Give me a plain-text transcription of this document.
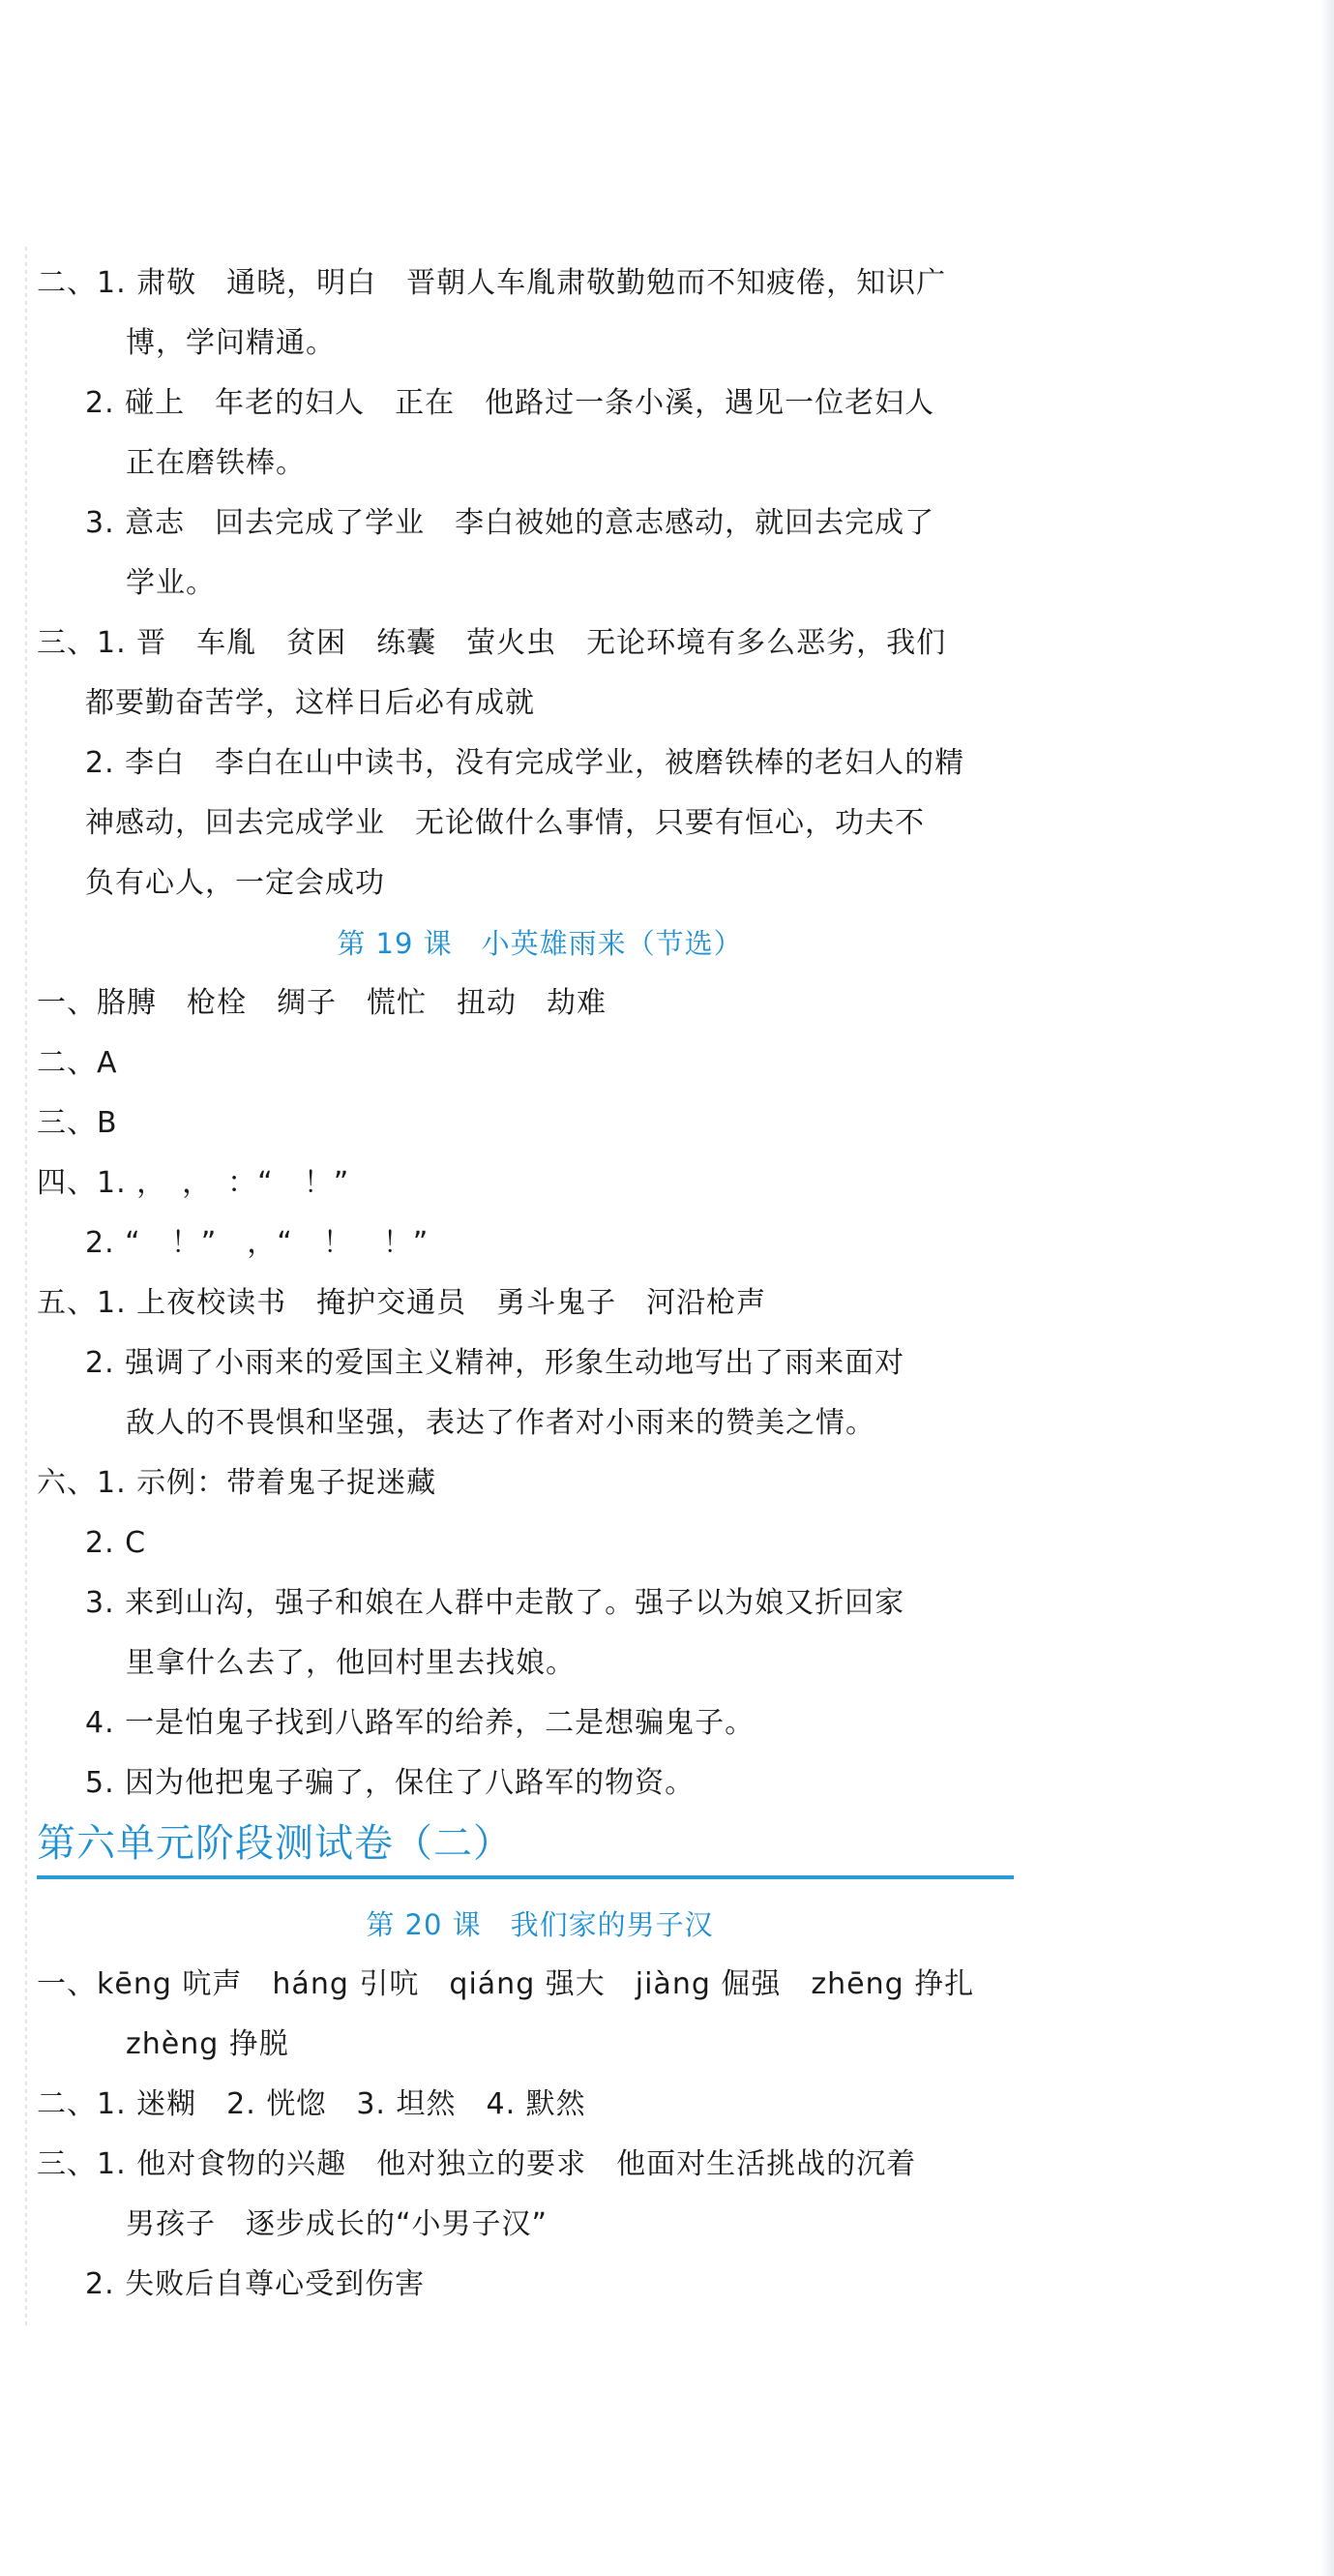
二、1. 肃敬　通晓，明白　晋朝人车胤肃敬勤勉而不知疲倦，知识广
博，学问精通。
2. 碰上　年老的妇人　正在　他路过一条小溪，遇见一位老妇人
正在磨铁棒。
3. 意志　回去完成了学业　李白被她的意志感动，就回去完成了
学业。
三、1. 晋　车胤　贫困　练囊　萤火虫　无论环境有多么恶劣，我们
都要勤奋苦学，这样日后必有成就
2. 李白　李白在山中读书，没有完成学业，被磨铁棒的老妇人的精
神感动，回去完成学业　无论做什么事情，只要有恒心，功夫不
负有心人，一定会成功
第 19 课　小英雄雨来（节选）
一、胳膊　枪栓　绸子　慌忙　扭动　劫难
二、A
三、B
四、1. ，　，　：“　！”
2. “　！”　，“　！　！”
五、1. 上夜校读书　掩护交通员　勇斗鬼子　河沿枪声
2. 强调了小雨来的爱国主义精神，形象生动地写出了雨来面对
敌人的不畏惧和坚强，表达了作者对小雨来的赞美之情。
六、1. 示例：带着鬼子捉迷藏
2. C
3. 来到山沟，强子和娘在人群中走散了。强子以为娘又折回家
里拿什么去了，他回村里去找娘。
4. 一是怕鬼子找到八路军的给养，二是想骗鬼子。
5. 因为他把鬼子骗了，保住了八路军的物资。
第六单元阶段测试卷（二）
第 20 课　我们家的男子汉
一、kēng 吭声　háng 引吭　qiáng 强大　jiàng 倔强　zhēng 挣扎
zhèng 挣脱
二、1. 迷糊　2. 恍惚　3. 坦然　4. 默然
三、1. 他对食物的兴趣　他对独立的要求　他面对生活挑战的沉着
男孩子　逐步成长的“小男子汉”
2. 失败后自尊心受到伤害
